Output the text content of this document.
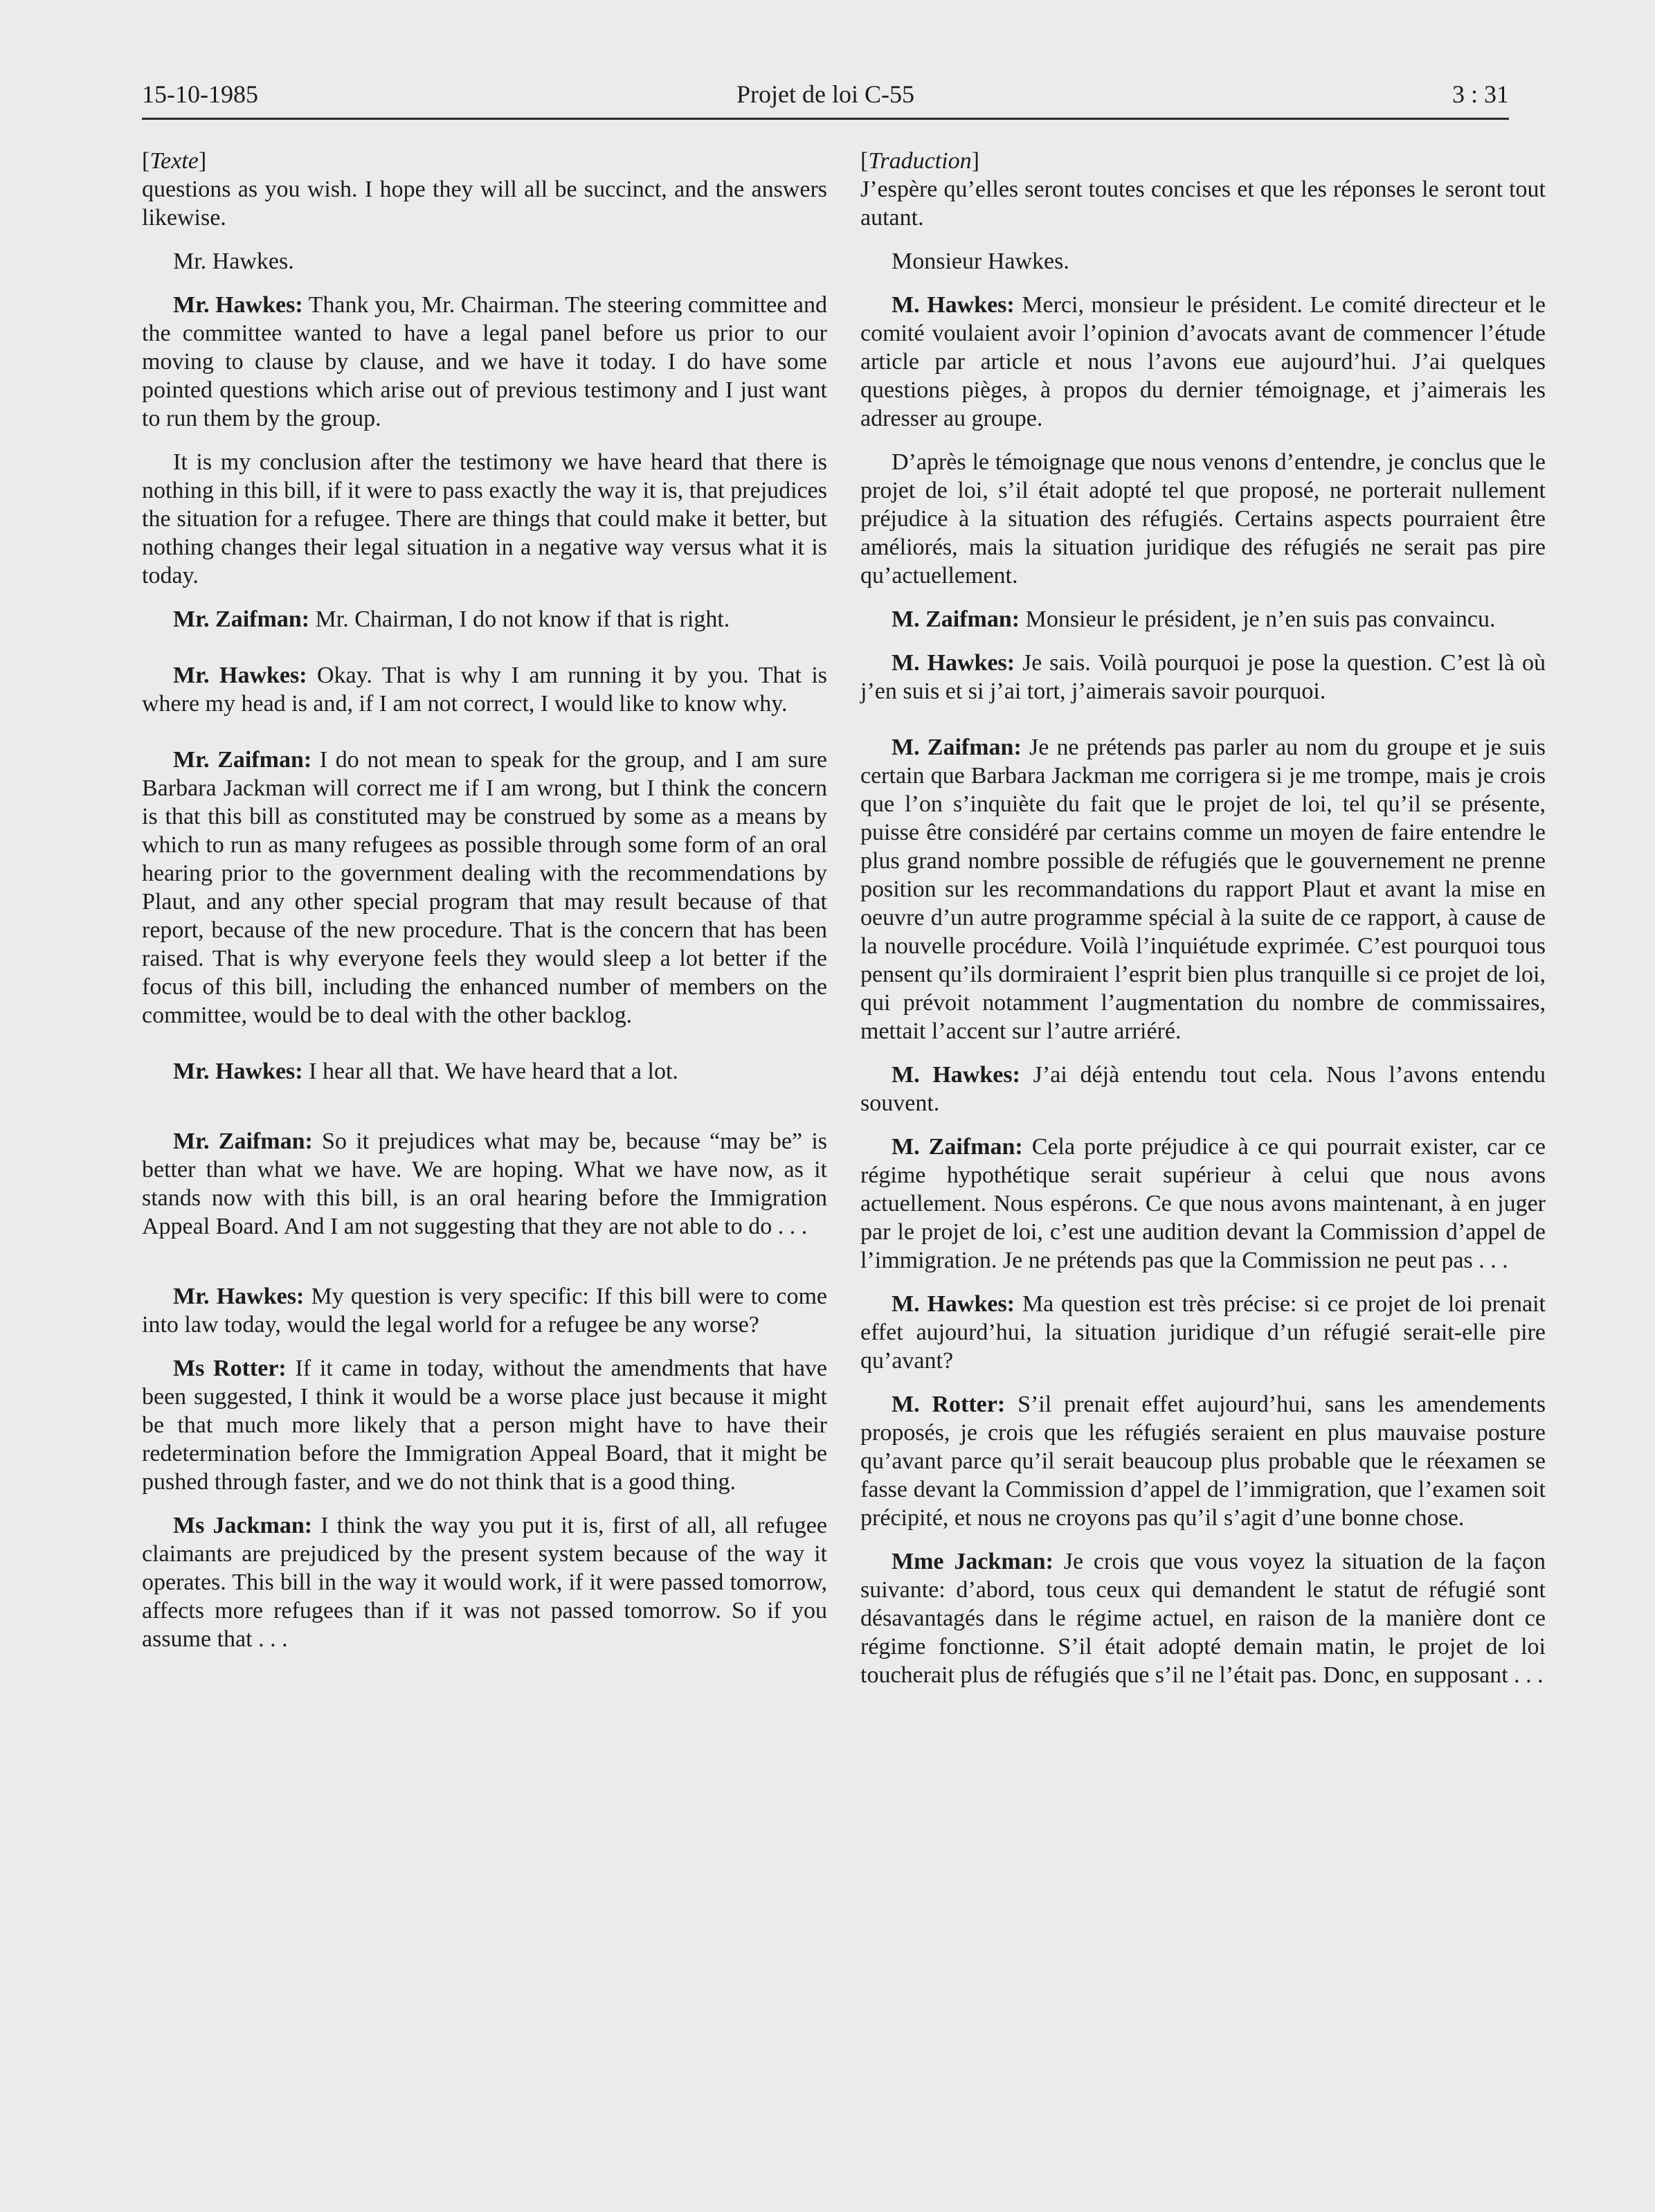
15-10-1985	Projet de loi C-55	3 : 31
[Texte]

questions as you wish. I hope they will all be succinct, and the answers likewise.

Mr. Hawkes.

Mr. Hawkes: Thank you, Mr. Chairman. The steering committee and the committee wanted to have a legal panel before us prior to our moving to clause by clause, and we have it today. I do have some pointed questions which arise out of previous testimony and I just want to run them by the group.

It is my conclusion after the testimony we have heard that there is nothing in this bill, if it were to pass exactly the way it is, that prejudices the situation for a refugee. There are things that could make it better, but nothing changes their legal situation in a negative way versus what it is today.

Mr. Zaifman: Mr. Chairman, I do not know if that is right.

Mr. Hawkes: Okay. That is why I am running it by you. That is where my head is and, if I am not correct, I would like to know why.

Mr. Zaifman: I do not mean to speak for the group, and I am sure Barbara Jackman will correct me if I am wrong, but I think the concern is that this bill as constituted may be construed by some as a means by which to run as many refugees as possible through some form of an oral hearing prior to the government dealing with the recommendations by Plaut, and any other special program that may result because of that report, because of the new procedure. That is the concern that has been raised. That is why everyone feels they would sleep a lot better if the focus of this bill, including the enhanced number of members on the committee, would be to deal with the other backlog.

Mr. Hawkes: I hear all that. We have heard that a lot.

Mr. Zaifman: So it prejudices what may be, because “may be” is better than what we have. We are hoping. What we have now, as it stands now with this bill, is an oral hearing before the Immigration Appeal Board. And I am not suggesting that they are not able to do . . .

Mr. Hawkes: My question is very specific: If this bill were to come into law today, would the legal world for a refugee be any worse?

Ms Rotter: If it came in today, without the amendments that have been suggested, I think it would be a worse place just because it might be that much more likely that a person might have to have their redetermination before the Immigration Appeal Board, that it might be pushed through faster, and we do not think that is a good thing.

Ms Jackman: I think the way you put it is, first of all, all refugee claimants are prejudiced by the present system because of the way it operates. This bill in the way it would work, if it were passed tomorrow, affects more refugees than if it was not passed tomorrow. So if you assume that . . .

[Traduction]

J’espère qu’elles seront toutes concises et que les réponses le seront tout autant.

Monsieur Hawkes.

M. Hawkes: Merci, monsieur le président. Le comité directeur et le comité voulaient avoir l’opinion d’avocats avant de commencer l’étude article par article et nous l’avons eue aujourd’hui. J’ai quelques questions pièges, à propos du dernier témoignage, et j’aimerais les adresser au groupe.

D’après le témoignage que nous venons d’entendre, je conclus que le projet de loi, s’il était adopté tel que proposé, ne porterait nullement préjudice à la situation des réfugiés. Certains aspects pourraient être améliorés, mais la situation juridique des réfugiés ne serait pas pire qu’actuellement.

M. Zaifman: Monsieur le président, je n’en suis pas convaincu.

M. Hawkes: Je sais. Voilà pourquoi je pose la question. C’est là où j’en suis et si j’ai tort, j’aimerais savoir pourquoi.

M. Zaifman: Je ne prétends pas parler au nom du groupe et je suis certain que Barbara Jackman me corrigera si je me trompe, mais je crois que l’on s’inquiète du fait que le projet de loi, tel qu’il se présente, puisse être considéré par certains comme un moyen de faire entendre le plus grand nombre possible de réfugiés que le gouvernement ne prenne position sur les recommandations du rapport Plaut et avant la mise en oeuvre d’un autre programme spécial à la suite de ce rapport, à cause de la nouvelle procédure. Voilà l’inquiétude exprimée. C’est pourquoi tous pensent qu’ils dormiraient l’esprit bien plus tranquille si ce projet de loi, qui prévoit notamment l’augmentation du nombre de commissaires, mettait l’accent sur l’autre arriéré.

M. Hawkes: J’ai déjà entendu tout cela. Nous l’avons entendu souvent.

M. Zaifman: Cela porte préjudice à ce qui pourrait exister, car ce régime hypothétique serait supérieur à celui que nous avons actuellement. Nous espérons. Ce que nous avons maintenant, à en juger par le projet de loi, c’est une audition devant la Commission d’appel de l’immigration. Je ne prétends pas que la Commission ne peut pas . . .

M. Hawkes: Ma question est très précise: si ce projet de loi prenait effet aujourd’hui, la situation juridique d’un réfugié serait-elle pire qu’avant?

M. Rotter: S’il prenait effet aujourd’hui, sans les amendements proposés, je crois que les réfugiés seraient en plus mauvaise posture qu’avant parce qu’il serait beaucoup plus probable que le réexamen se fasse devant la Commission d’appel de l’immigration, que l’examen soit précipité, et nous ne croyons pas qu’il s’agit d’une bonne chose.

Mme Jackman: Je crois que vous voyez la situation de la façon suivante: d’abord, tous ceux qui demandent le statut de réfugié sont désavantagés dans le régime actuel, en raison de la manière dont ce régime fonctionne. S’il était adopté demain matin, le projet de loi toucherait plus de réfugiés que s’il ne l’était pas. Donc, en supposant . . .
